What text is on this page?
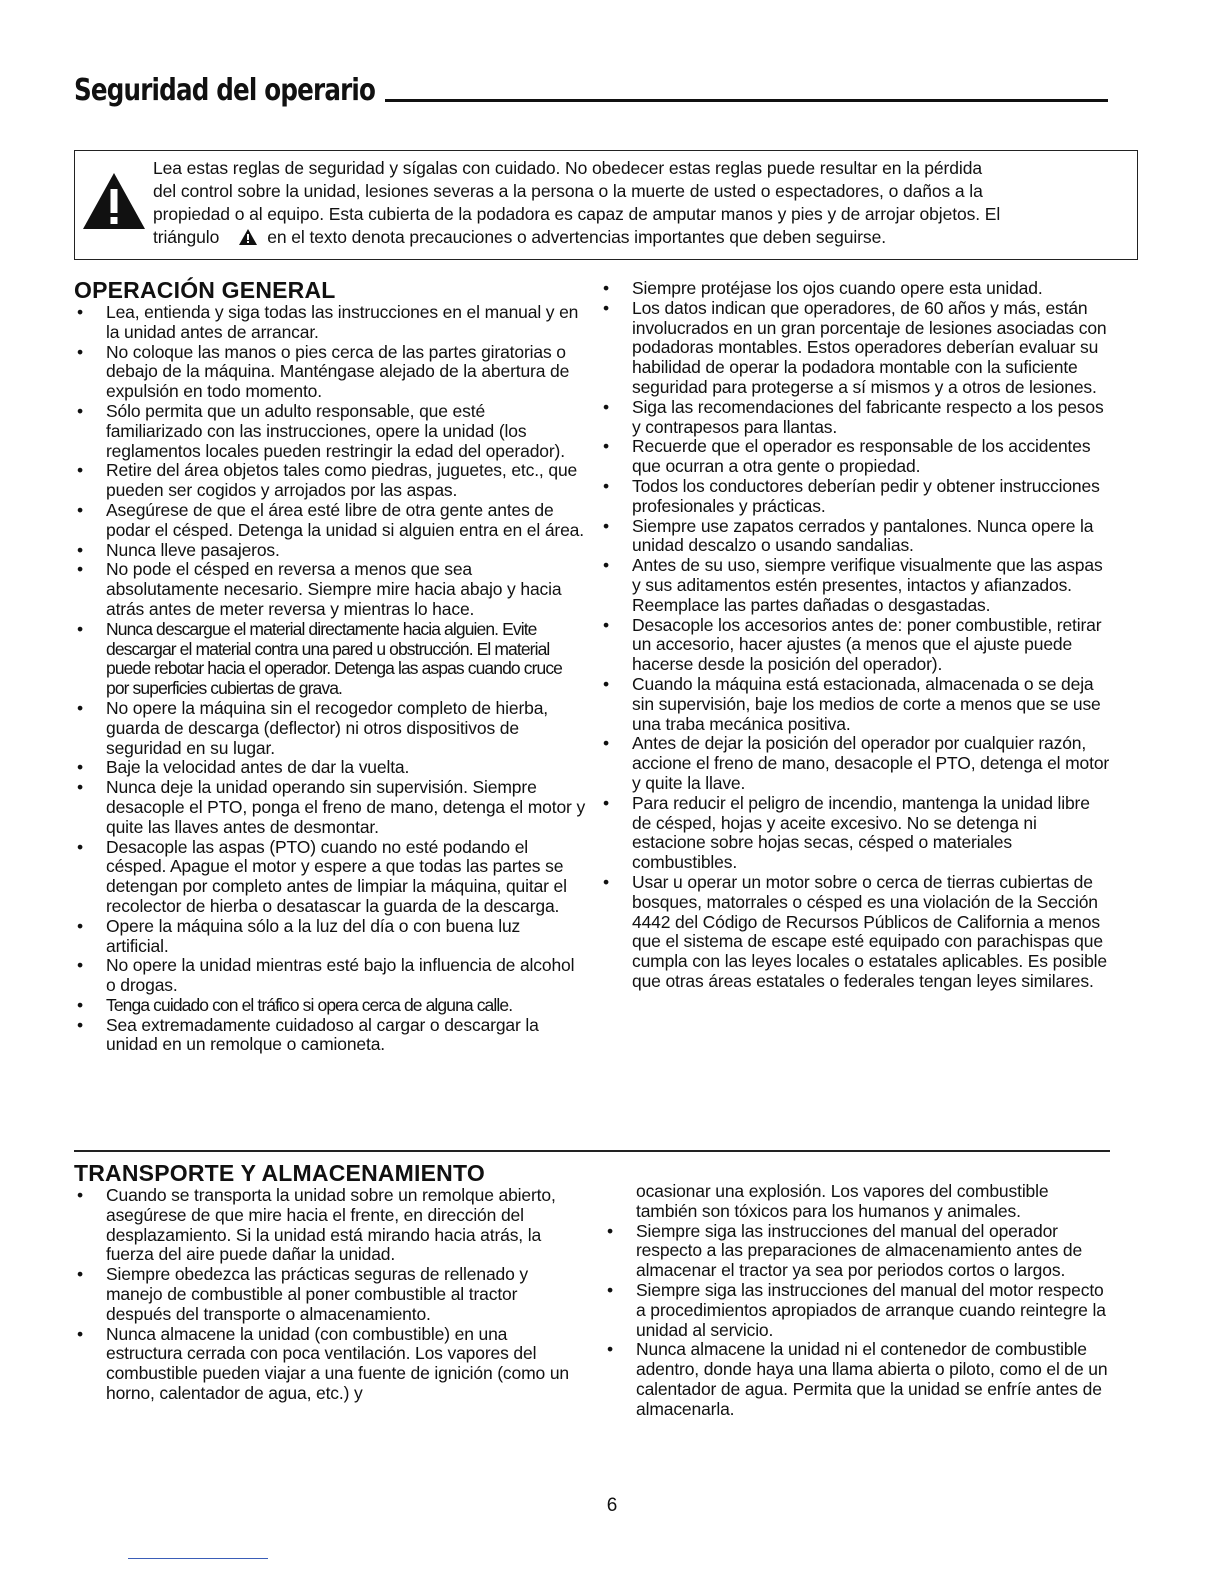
Seguridad del operario
Lea estas reglas de seguridad y sígalas con cuidado. No obedecer estas reglas puede resultar en la pérdida
del control sobre la unidad, lesiones severas a la persona o la muerte de usted o espectadores, o daños a la
propiedad o al equipo. Esta cubierta de la podadora es capaz de amputar manos y pies y de arrojar objetos. El
triángulo	en el texto denota precauciones o advertencias importantes que deben seguirse.
OPERACIÓN GENERAL
• Lea, entienda y siga todas las instrucciones en el manual y en la unidad antes de arrancar.
• No coloque las manos o pies cerca de las partes giratorias o debajo de la máquina. Manténgase alejado de la abertura de expulsión en todo momento.
• Sólo permita que un adulto responsable, que esté familiarizado con las instrucciones, opere la unidad (los reglamentos locales pueden restringir la edad del operador).
• Retire del área objetos tales como piedras, juguetes, etc., que pueden ser cogidos y arrojados por las aspas.
• Asegúrese de que el área esté libre de otra gente antes de podar el césped. Detenga la unidad si alguien entra en el área.
• Nunca lleve pasajeros.
• No pode el césped en reversa a menos que sea absolutamente necesario. Siempre mire hacia abajo y hacia atrás antes de meter reversa y mientras lo hace.
• Nunca descargue el material directamente hacia alguien. Evite descargar el material contra una pared u obstrucción. El material puede rebotar hacia el operador. Detenga las aspas cuando cruce por superficies cubiertas de grava.
• No opere la máquina sin el recogedor completo de hierba, guarda de descarga (deflector) ni otros dispositivos de seguridad en su lugar.
• Baje la velocidad antes de dar la vuelta.
• Nunca deje la unidad operando sin supervisión. Siempre desacople el PTO, ponga el freno de mano, detenga el motor y quite las llaves antes de desmontar.
• Desacople las aspas (PTO) cuando no esté podando el césped. Apague el motor y espere a que todas las partes se detengan por completo antes de limpiar la máquina, quitar el recolector de hierba o desatascar la guarda de la descarga.
• Opere la máquina sólo a la luz del día o con buena luz artificial.
• No opere la unidad mientras esté bajo la influencia de alcohol o drogas.
• Tenga cuidado con el tráfico si opera cerca de alguna calle.
• Sea extremadamente cuidadoso al cargar o descargar la unidad en un remolque o camioneta.
• Siempre protéjase los ojos cuando opere esta unidad.
• Los datos indican que operadores, de 60 años y más, están involucrados en un gran porcentaje de lesiones asociadas con podadoras montables. Estos operadores deberían evaluar su habilidad de operar la podadora montable con la suficiente seguridad para protegerse a sí mismos y a otros de lesiones.
• Siga las recomendaciones del fabricante respecto a los pesos y contrapesos para llantas.
• Recuerde que el operador es responsable de los accidentes que ocurran a otra gente o propiedad.
• Todos los conductores deberían pedir y obtener instrucciones profesionales y prácticas.
• Siempre use zapatos cerrados y pantalones. Nunca opere la unidad descalzo o usando sandalias.
• Antes de su uso, siempre verifique visualmente que las aspas y sus aditamentos estén presentes, intactos y afianzados. Reemplace las partes dañadas o desgastadas.
• Desacople los accesorios antes de: poner combustible, retirar un accesorio, hacer ajustes (a menos que el ajuste puede hacerse desde la posición del operador).
• Cuando la máquina está estacionada, almacenada o se deja sin supervisión, baje los medios de corte a menos que se use una traba mecánica positiva.
• Antes de dejar la posición del operador por cualquier razón, accione el freno de mano, desacople el PTO, detenga el motor y quite la llave.
• Para reducir el peligro de incendio, mantenga la unidad libre de césped, hojas y aceite excesivo. No se detenga ni estacione sobre hojas secas, césped o materiales combustibles.
• Usar u operar un motor sobre o cerca de tierras cubiertas de bosques, matorrales o césped es una violación de la Sección 4442 del Código de Recursos Públicos de California a menos que el sistema de escape esté equipado con parachispas que cumpla con las leyes locales o estatales aplicables. Es posible que otras áreas estatales o federales tengan leyes similares.
TRANSPORTE Y ALMACENAMIENTO
• Cuando se transporta la unidad sobre un remolque abierto, asegúrese de que mire hacia el frente, en dirección del desplazamiento. Si la unidad está mirando hacia atrás, la fuerza del aire puede dañar la unidad.
• Siempre obedezca las prácticas seguras de rellenado y manejo de combustible al poner combustible al tractor después del transporte o almacenamiento.
• Nunca almacene la unidad (con combustible) en una estructura cerrada con poca ventilación. Los vapores del combustible pueden viajar a una fuente de ignición (como un horno, calentador de agua, etc.) y
ocasionar una explosión. Los vapores del combustible también son tóxicos para los humanos y animales.
• Siempre siga las instrucciones del manual del operador respecto a las preparaciones de almacenamiento antes de almacenar el tractor ya sea por periodos cortos o largos.
• Siempre siga las instrucciones del manual del motor respecto a procedimientos apropiados de arranque cuando reintegre la unidad al servicio.
• Nunca almacene la unidad ni el contenedor de combustible adentro, donde haya una llama abierta o piloto, como el de un calentador de agua. Permita que la unidad se enfríe antes de almacenarla.
6
